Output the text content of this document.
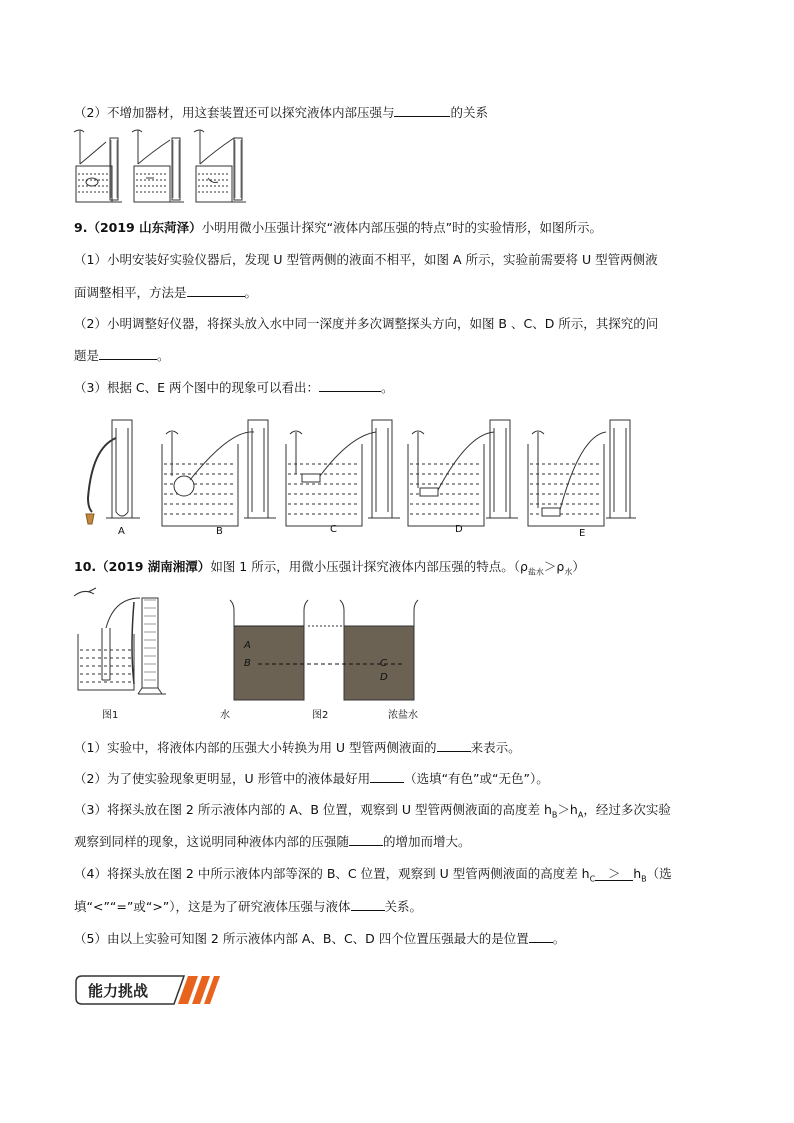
（2）不增加器材，用这套装置还可以探究液体内部压强与	的关系
9.（2019 山东菏泽）小明用微小压强计探究“液体内部压强的特点”时的实验情形，如图所示。
（1）小明安装好实验仪器后，发现 U 型管两侧的液面不相平，如图 A 所示，实验前需要将 U 型管两侧液
面调整相平，方法是	。
（2）小明调整好仪器，将探头放入水中同一深度并多次调整探头方向，如图 B 、C、D 所示，其探究的问
题是	。
（3）根据 C、E 两个图中的现象可以看出：	。
A	B	C	D	E
10.（2019 湖南湘潭）如图 1 所示，用微小压强计探究液体内部压强的特点。$(\rho_{盐水}>\rho_水)$
图1
A
B	C
D
水	图2	浓盐水
（1）实验中，将液体内部的压强大小转换为用 U 型管两侧液面的	来表示。
（2）为了使实验现象更明显，U 形管中的液体最好用	（选填“有色”或“无色”）。
（3）将探头放在图 2 所示液体内部的 A、B 位置，观察到 U 型管两侧液面的高度差 $h_B>h_A$，经过多次实验
观察到同样的现象，这说明同种液体内部的压强随	的增加而增大。
（4）将探头放在图 2 中所示液体内部等深的 B、C 位置，观察到 U 型管两侧液面的高度差 $h_C > h_B$（选
填“<”“=”或“>”），这是为了研究液体压强与液体	关系。
（5）由以上实验可知图 2 所示液体内部 A、B、C、D 四个位置压强最大的是位置 。
能力挑战
